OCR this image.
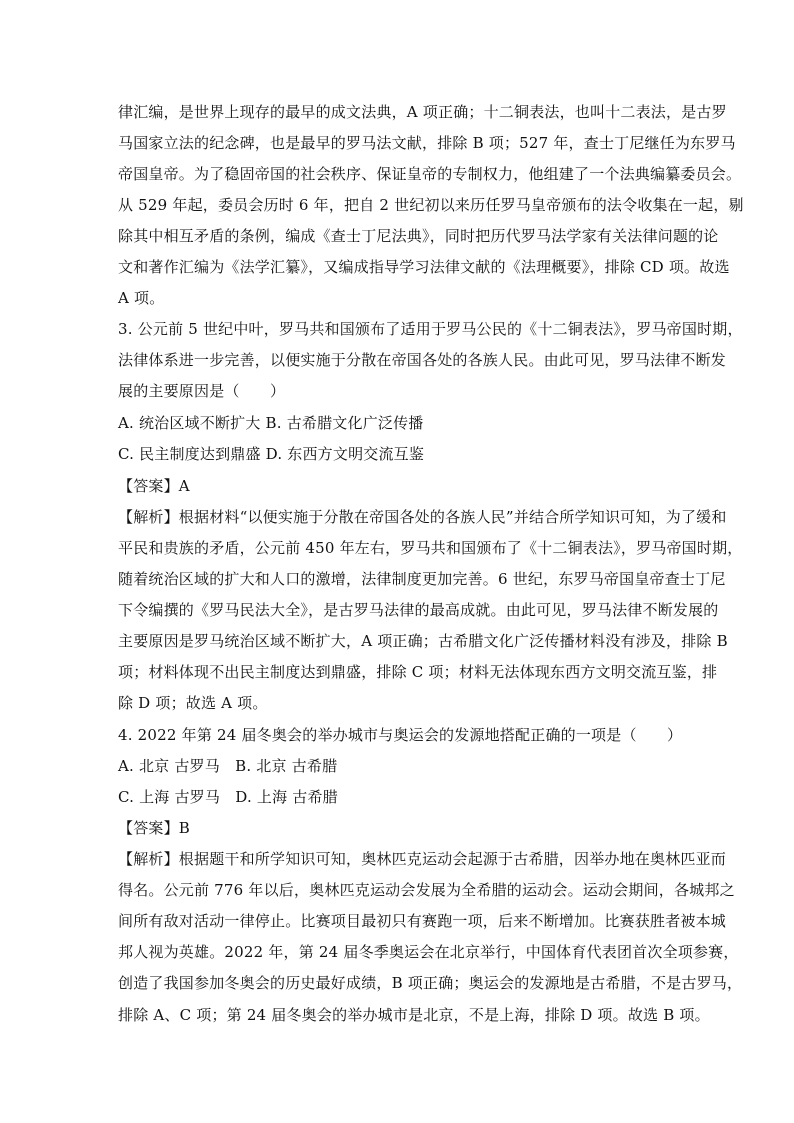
律汇编，是世界上现存的最早的成文法典，A 项正确；十二铜表法，也叫十二表法，是古罗
马国家立法的纪念碑，也是最早的罗马法文献，排除 B 项；527 年，查士丁尼继任为东罗马
帝国皇帝。为了稳固帝国的社会秩序、保证皇帝的专制权力，他组建了一个法典编纂委员会。
从 529 年起，委员会历时 6 年，把自 2 世纪初以来历任罗马皇帝颁布的法令收集在一起，剔
除其中相互矛盾的条例，编成《查士丁尼法典》，同时把历代罗马法学家有关法律问题的论
文和著作汇编为《法学汇纂》，又编成指导学习法律文献的《法理概要》，排除 CD 项。故选
A 项。
3. 公元前 5 世纪中叶，罗马共和国颁布了适用于罗马公民的《十二铜表法》，罗马帝国时期，
法律体系进一步完善，以便实施于分散在帝国各处的各族人民。由此可见，罗马法律不断发
展的主要原因是（　　）
A. 统治区域不断扩大 B. 古希腊文化广泛传播
C. 民主制度达到鼎盛 D. 东西方文明交流互鉴
【答案】A
【解析】根据材料“以便实施于分散在帝国各处的各族人民”并结合所学知识可知，为了缓和
平民和贵族的矛盾，公元前 450 年左右，罗马共和国颁布了《十二铜表法》，罗马帝国时期，
随着统治区域的扩大和人口的激增，法律制度更加完善。6 世纪，东罗马帝国皇帝查士丁尼
下令编撰的《罗马民法大全》，是古罗马法律的最高成就。由此可见，罗马法律不断发展的
主要原因是罗马统治区域不断扩大，A 项正确；古希腊文化广泛传播材料没有涉及，排除 B
项；材料体现不出民主制度达到鼎盛，排除 C 项；材料无法体现东西方文明交流互鉴，排
除 D 项；故选 A 项。
4. 2022 年第 24 届冬奥会的举办城市与奥运会的发源地搭配正确的一项是（　　）
A. 北京 古罗马　B. 北京 古希腊
C. 上海 古罗马　D. 上海 古希腊
【答案】B
【解析】根据题干和所学知识可知，奥林匹克运动会起源于古希腊，因举办地在奥林匹亚而
得名。公元前 776 年以后，奥林匹克运动会发展为全希腊的运动会。运动会期间，各城邦之
间所有敌对活动一律停止。比赛项目最初只有赛跑一项，后来不断增加。比赛获胜者被本城
邦人视为英雄。2022 年，第 24 届冬季奥运会在北京举行，中国体育代表团首次全项参赛，
创造了我国参加冬奥会的历史最好成绩，B 项正确；奥运会的发源地是古希腊，不是古罗马，
排除 A、C 项；第 24 届冬奥会的举办城市是北京，不是上海，排除 D 项。故选 B 项。
